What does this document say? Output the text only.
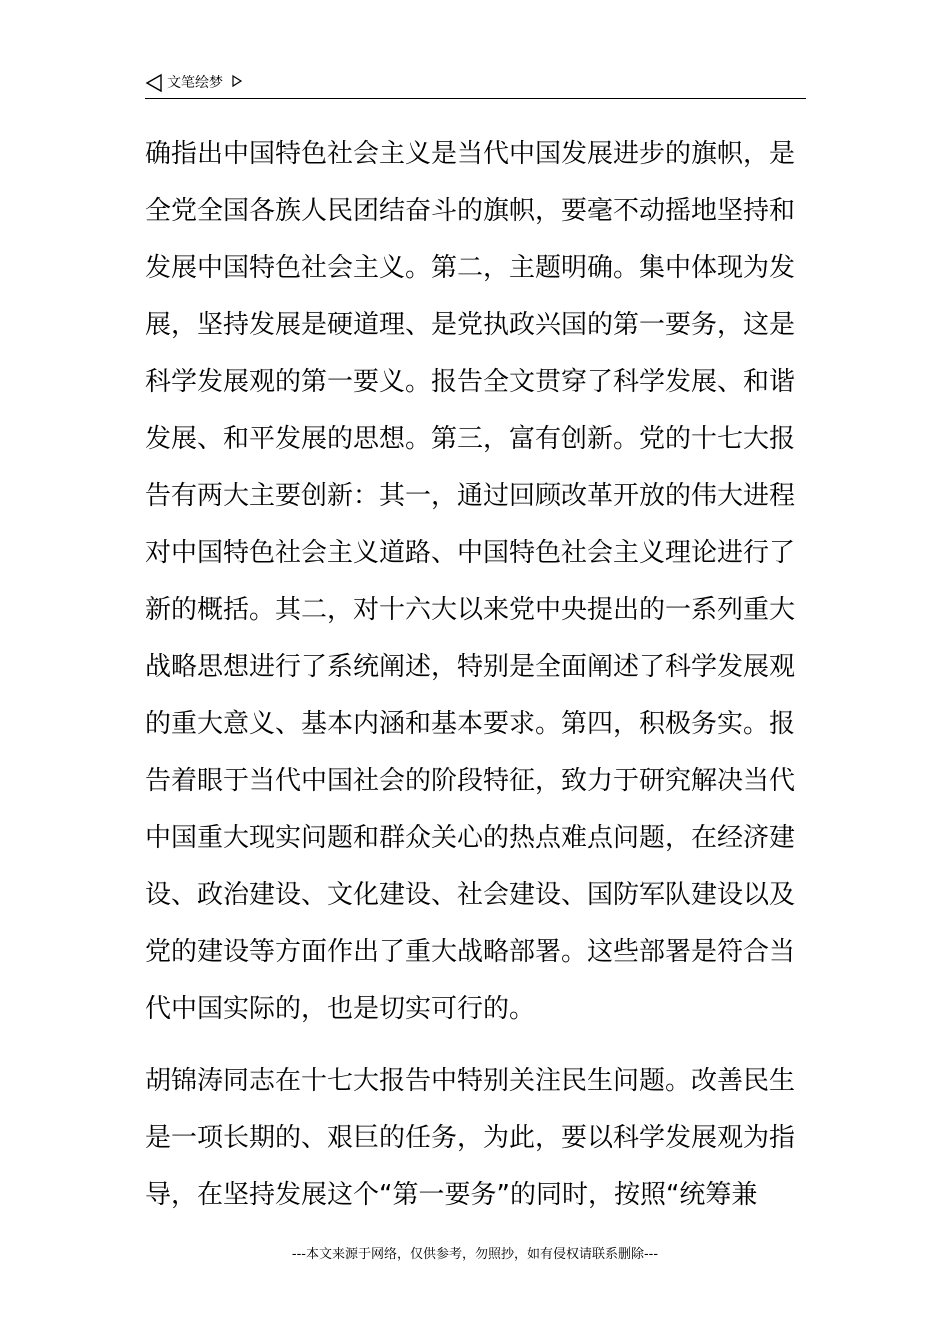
文笔绘梦
确指出中国特色社会主义是当代中国发展进步的旗帜，是
全党全国各族人民团结奋斗的旗帜，要毫不动摇地坚持和
发展中国特色社会主义。第二，主题明确。集中体现为发
展，坚持发展是硬道理、是党执政兴国的第一要务，这是
科学发展观的第一要义。报告全文贯穿了科学发展、和谐
发展、和平发展的思想。第三，富有创新。党的十七大报
告有两大主要创新：其一，通过回顾改革开放的伟大进程
对中国特色社会主义道路、中国特色社会主义理论进行了
新的概括。其二，对十六大以来党中央提出的一系列重大
战略思想进行了系统阐述，特别是全面阐述了科学发展观
的重大意义、基本内涵和基本要求。第四，积极务实。报
告着眼于当代中国社会的阶段特征，致力于研究解决当代
中国重大现实问题和群众关心的热点难点问题，在经济建
设、政治建设、文化建设、社会建设、国防军队建设以及
党的建设等方面作出了重大战略部署。这些部署是符合当
代中国实际的，也是切实可行的。
胡锦涛同志在十七大报告中特别关注民生问题。改善民生
是一项长期的、艰巨的任务，为此，要以科学发展观为指
导，在坚持发展这个“第一要务”的同时，按照“统筹兼
---本文来源于网络，仅供参考，勿照抄，如有侵权请联系删除---
